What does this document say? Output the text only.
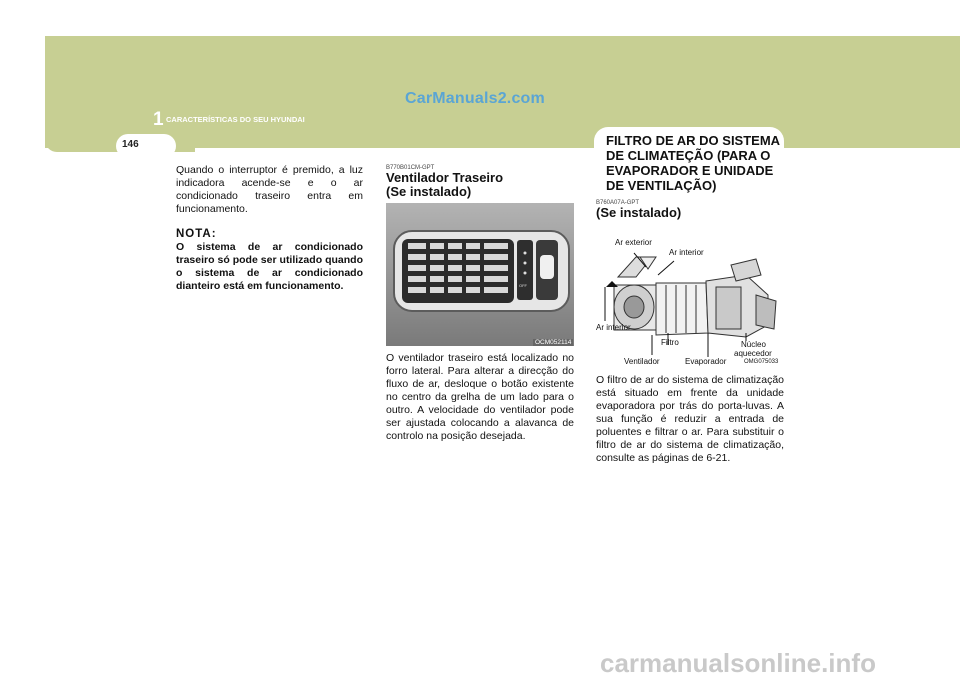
CarManuals2.com
1 CARACTERÍSTICAS DO SEU HYUNDAI
146	FILTRO DE AR DO SISTEMA DE CLIMATEÇÃO (PARA O EVAPORADOR E UNIDADE DE VENTILAÇÃO)
Quando o interruptor é premido, a luz indicadora acende-se e o ar condicionado traseiro entra em funcionamento.
NOTA:
O sistema de ar condicionado traseiro só pode ser utilizado quando o sistema de ar condicionado dianteiro está em funcionamento.
B770B01CM-GPT
Ventilador Traseiro
(Se instalado)
OFF
OCM052114
O ventilador traseiro está localizado no forro lateral. Para alterar a direcção do fluxo de ar, desloque o botão existente no centro da grelha de um lado para o outro. A velocidade do ventilador pode ser ajustada colocando a alavanca de controlo na posição desejada.
B760A07A-GPT
(Se instalado)
Ar exterior
Ar interior
Ar interior
Filtro	Núcleo
aquecedor
Ventilador	Evaporador	OMG075033
O filtro de ar do sistema de climatização está situado em frente da unidade evaporadora por trás do porta-luvas. A sua função é reduzir a entrada de poluentes e filtrar o ar. Para substituir o filtro de ar do sistema de climatização, consulte as páginas de 6-21.
carmanualsonline.info
